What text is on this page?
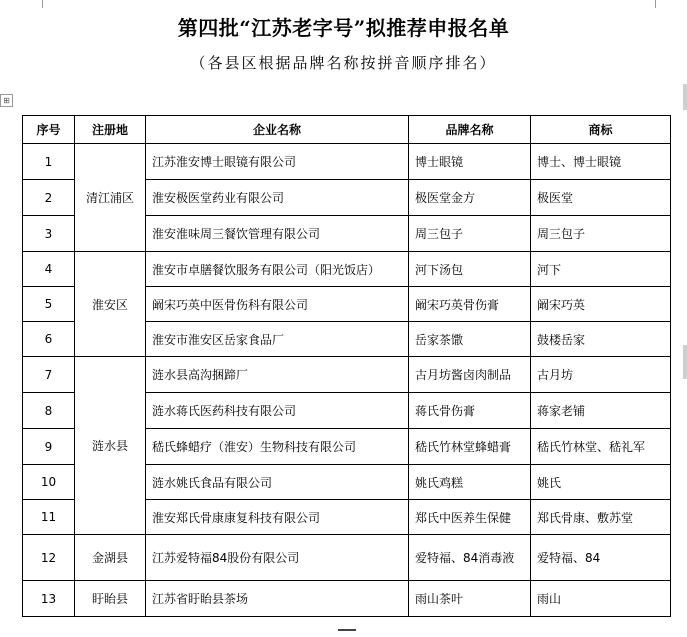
第四批“江苏老字号”拟推荐申报名单
（各县区根据品牌名称按拼音顺序排名）
⊞
序号	注册地	企业名称	品牌名称	商标
1	清江浦区	江苏淮安博士眼镜有限公司	博士眼镜	博士、博士眼镜
2		淮安极医堂药业有限公司	极医堂金方	极医堂
3		淮安淮味周三餐饮管理有限公司	周三包子	周三包子
4	淮安区	淮安市卓膳餐饮服务有限公司（阳光饭店）	河下汤包	河下
5		阚宋巧英中医骨伤科有限公司	阚宋巧英骨伤膏	阚宋巧英
6		淮安市淮安区岳家食品厂	岳家茶馓	鼓楼岳家
7	涟水县	涟水县高沟捆蹄厂	古月坊酱卤肉制品	古月坊
8		涟水蒋氏医药科技有限公司	蒋氏骨伤膏	蒋家老铺
9		嵇氏蜂蜡疗（淮安）生物科技有限公司	嵇氏竹林堂蜂蜡膏	嵇氏竹林堂、嵇礼军
10		涟水姚氏食品有限公司	姚氏鸡糕	姚氏
11		淮安郑氏骨康康复科技有限公司	郑氏中医养生保健	郑氏骨康、敷苏堂
12	金湖县	江苏爱特福84股份有限公司	爱特福、84消毒液	爱特福、84
13	盱眙县	江苏省盱眙县茶场	雨山茶叶	雨山
